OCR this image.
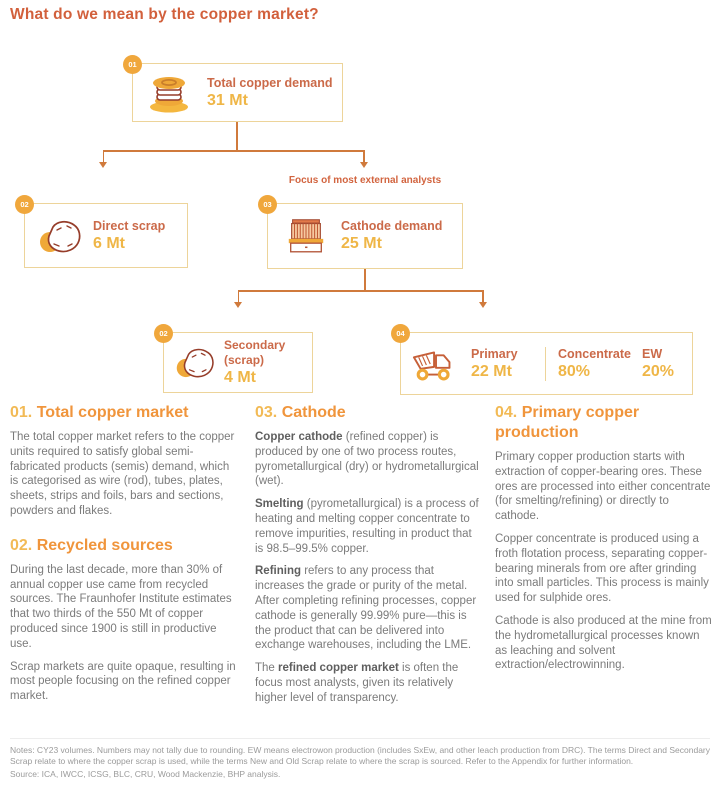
What do we mean by the copper market?
01
Total copper demand
31 Mt
Focus of most external analysts
02
Direct scrap
6 Mt
03
Cathode demand
25 Mt
02
Secondary (scrap)
4 Mt
04
Primary
22 Mt
Concentrate
80%
EW
20%
01. Total copper market

The total copper market refers to the copper units required to satisfy global semi-fabricated products (semis) demand, which is categorised as wire (rod), tubes, plates, sheets, strips and foils, bars and sections, powders and flakes.

02. Recycled sources

During the last decade, more than 30% of annual copper use came from recycled sources. The Fraunhofer Institute estimates that two thirds of the 550 Mt of copper produced since 1900 is still in productive use.

Scrap markets are quite opaque, resulting in most people focusing on the refined copper market.

03. Cathode

Copper cathode (refined copper) is produced by one of two process routes, pyrometallurgical (dry) or hydrometallurgical (wet).

Smelting (pyrometallurgical) is a process of heating and melting copper concentrate to remove impurities, resulting in product that is 98.5–99.5% copper.

Refining refers to any process that increases the grade or purity of the metal. After completing refining processes, copper cathode is generally 99.99% pure—this is the product that can be delivered into exchange warehouses, including the LME.

The refined copper market is often the focus most analysts, given its relatively higher level of transparency.

04. Primary copper production

Primary copper production starts with extraction of copper-bearing ores. These ores are processed into either concentrate (for smelting/refining) or directly to cathode.

Copper concentrate is produced using a froth flotation process, separating copper-bearing minerals from ore after grinding into small particles. This process is mainly used for sulphide ores.

Cathode is also produced at the mine from the hydrometallurgical processes known as leaching and solvent extraction/electrowinning.

Notes: CY23 volumes. Numbers may not tally due to rounding. EW means electrowon production (includes SxEw, and other leach production from DRC). The terms Direct and Secondary Scrap relate to where the copper scrap is used, while the terms New and Old Scrap relate to where the scrap is sourced. Refer to the Appendix for further information.

Source: ICA, IWCC, ICSG, BLC, CRU, Wood Mackenzie, BHP analysis.
